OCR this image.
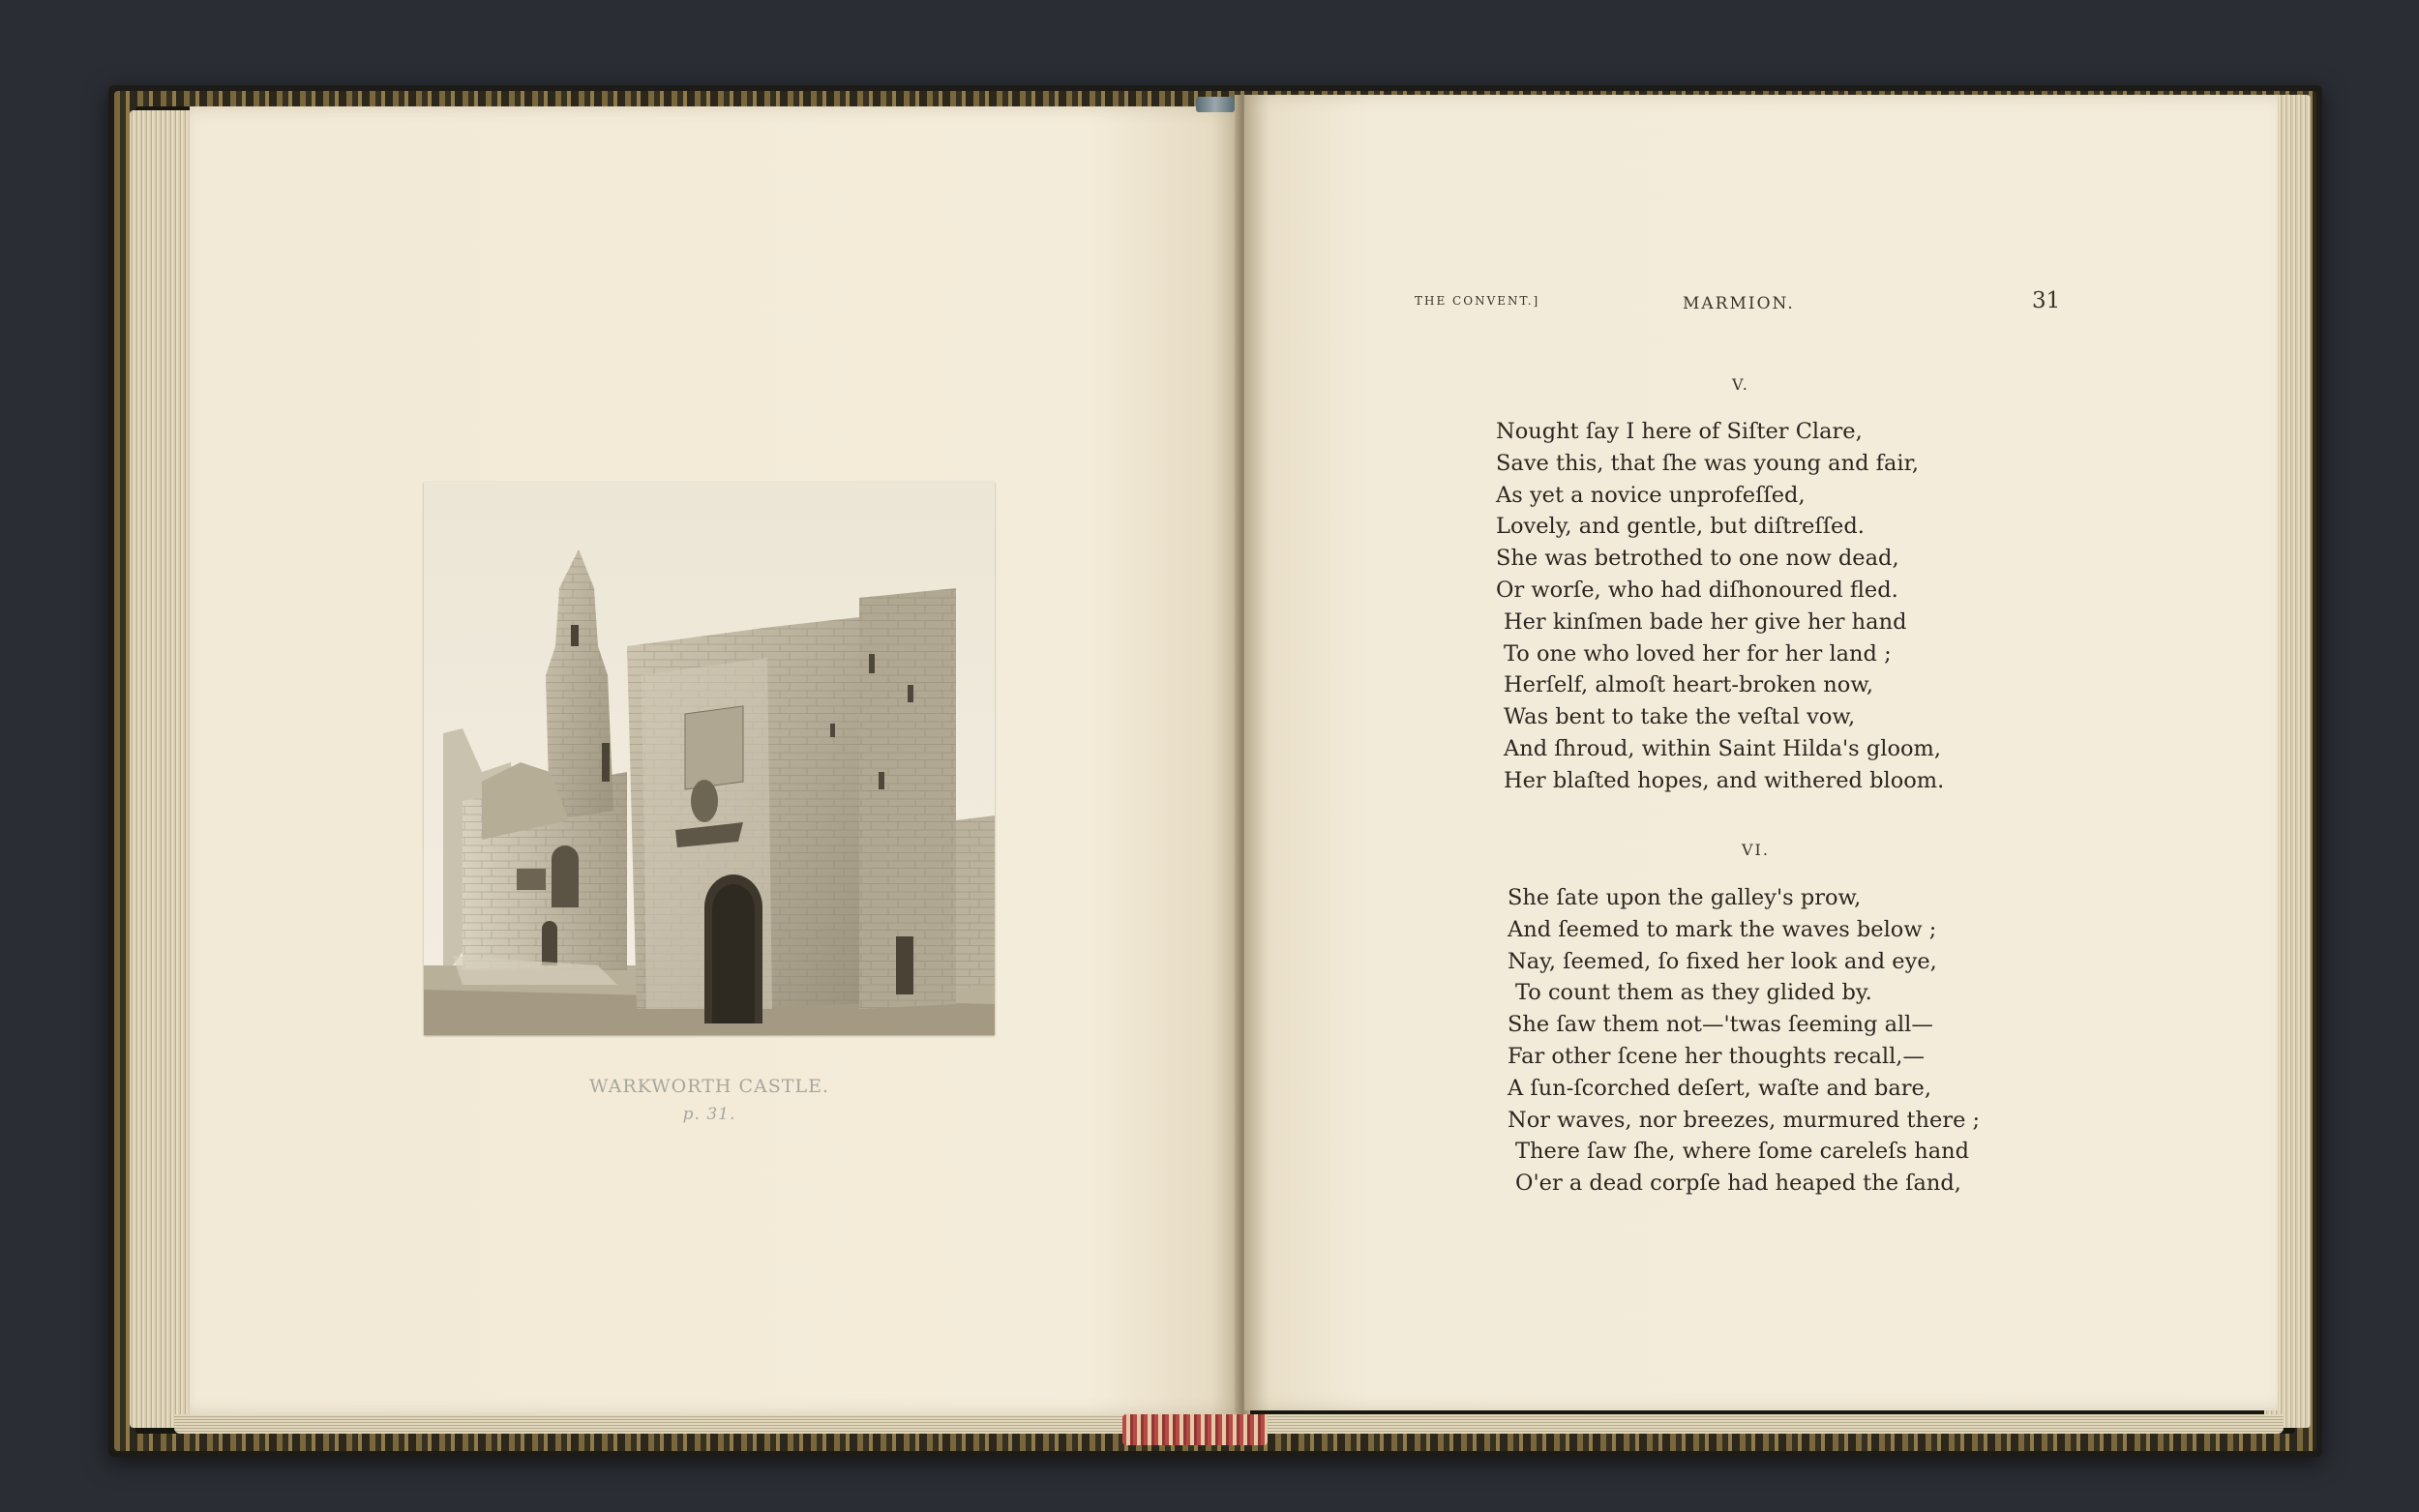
WARKWORTH CASTLE.
p. 31.
THE CONVENT.]	MARMION.	31
V.
Nought ſay I here of Siſter Clare,
Save this, that ſhe was young and fair,
As yet a novice unprofeſſed,
Lovely, and gentle, but diſtreſſed.
She was betrothed to one now dead,
Or worſe, who had diſhonoured fled.
Her kinſmen bade her give her hand
To one who loved her for her land ;
Herſelf, almoſt heart-broken now,
Was bent to take the veſtal vow,
And ſhroud, within Saint Hilda's gloom,
Her blaſted hopes, and withered bloom.
VI.
She ſate upon the galley's prow,
And ſeemed to mark the waves below ;
Nay, ſeemed, ſo fixed her look and eye,
To count them as they glided by.
She ſaw them not—'twas ſeeming all—
Far other ſcene her thoughts recall,—
A ſun-ſcorched deſert, waſte and bare,
Nor waves, nor breezes, murmured there ;
There ſaw ſhe, where ſome careleſs hand
O'er a dead corpſe had heaped the ſand,
